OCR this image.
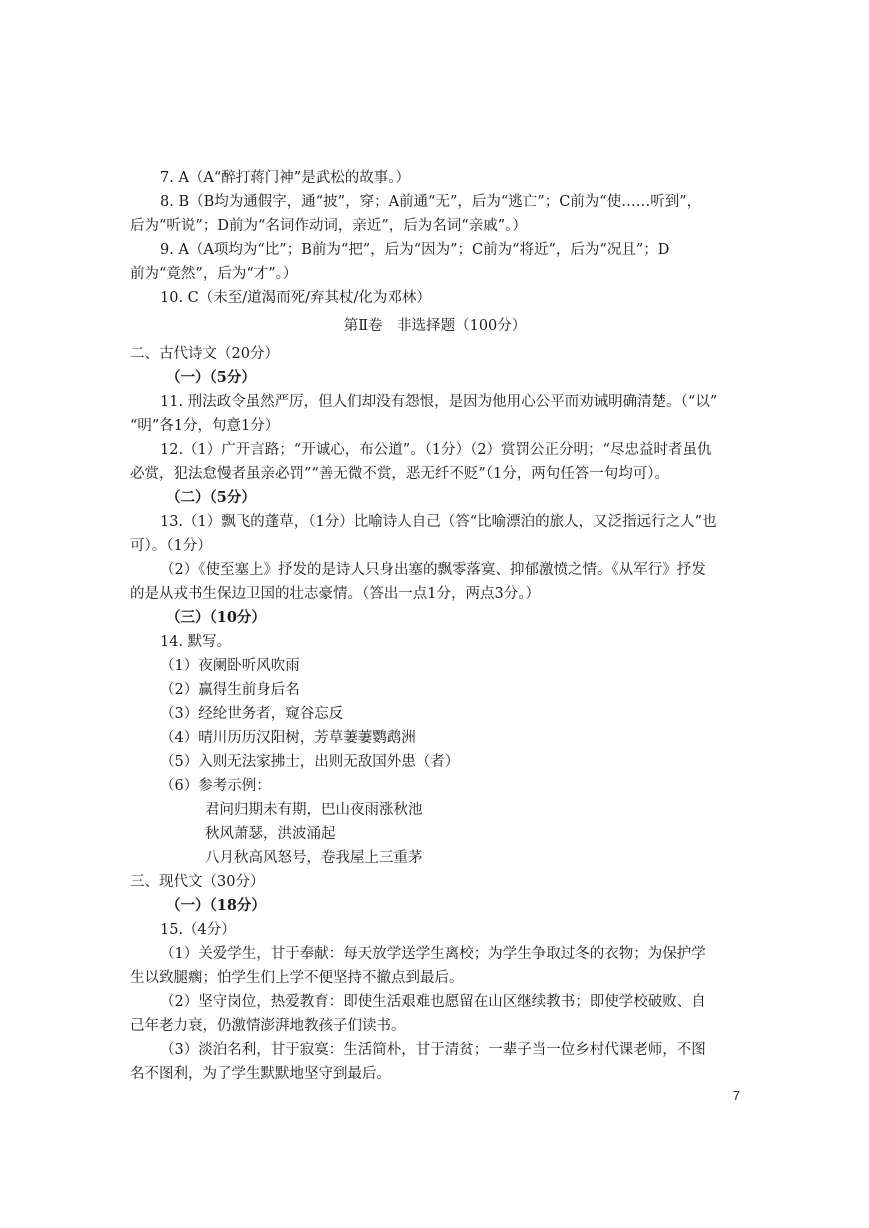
7. A（A“醉打蒋门神”是武松的故事。）
8. B（B均为通假字，通“披”，穿；A前通“无”，后为“逃亡”；C前为“使……听到”，
后为“听说”；D前为“名词作动词，亲近”，后为名词“亲戚”。）
9. A（A项均为“比”；B前为“把”，后为“因为”；C前为“将近”，后为“况且”；D
前为“竟然”，后为“才”。）
10. C（未至/道渴而死/弃其杖/化为邓林）
第Ⅱ卷　非选择题（100分）
二、古代诗文（20分）
（一）（5分）
11. 刑法政令虽然严厉，但人们却没有怨恨，是因为他用心公平而劝诫明确清楚。（“以”
“明”各1分，句意1分）
12.（1）广开言路；“开诚心，布公道”。（1分）（2）赏罚公正分明；“尽忠益时者虽仇
必赏，犯法怠慢者虽亲必罚”“善无微不赏，恶无纤不贬”（1分，两句任答一句均可）。
（二）（5分）
13.（1）飘飞的蓬草，（1分）比喻诗人自己（答“比喻漂泊的旅人，又泛指远行之人”也
可）。（1分）
（2）《使至塞上》抒发的是诗人只身出塞的飘零落寞、抑郁激愤之情。《从军行》抒发
的是从戎书生保边卫国的壮志豪情。（答出一点1分，两点3分。）
（三）（10分）
14. 默写。
（1）夜阑卧听风吹雨
（2）赢得生前身后名
（3）经纶世务者，窥谷忘反
（4）晴川历历汉阳树，芳草萋萋鹦鹉洲
（5）入则无法家拂士，出则无敌国外患（者）
（6）参考示例：
君问归期未有期，巴山夜雨涨秋池
秋风萧瑟，洪波涌起
八月秋高风怒号，卷我屋上三重茅
三、现代文（30分）
（一）（18分）
15.（4分）
（1）关爱学生，甘于奉献：每天放学送学生离校；为学生争取过冬的衣物；为保护学
生以致腿瘸；怕学生们上学不便坚持不撤点到最后。
（2）坚守岗位，热爱教育：即使生活艰难也愿留在山区继续教书；即使学校破败、自
己年老力衰，仍激情澎湃地教孩子们读书。
（3）淡泊名利，甘于寂寞：生活简朴，甘于清贫；一辈子当一位乡村代课老师，不图
名不图利，为了学生默默地坚守到最后。
7
